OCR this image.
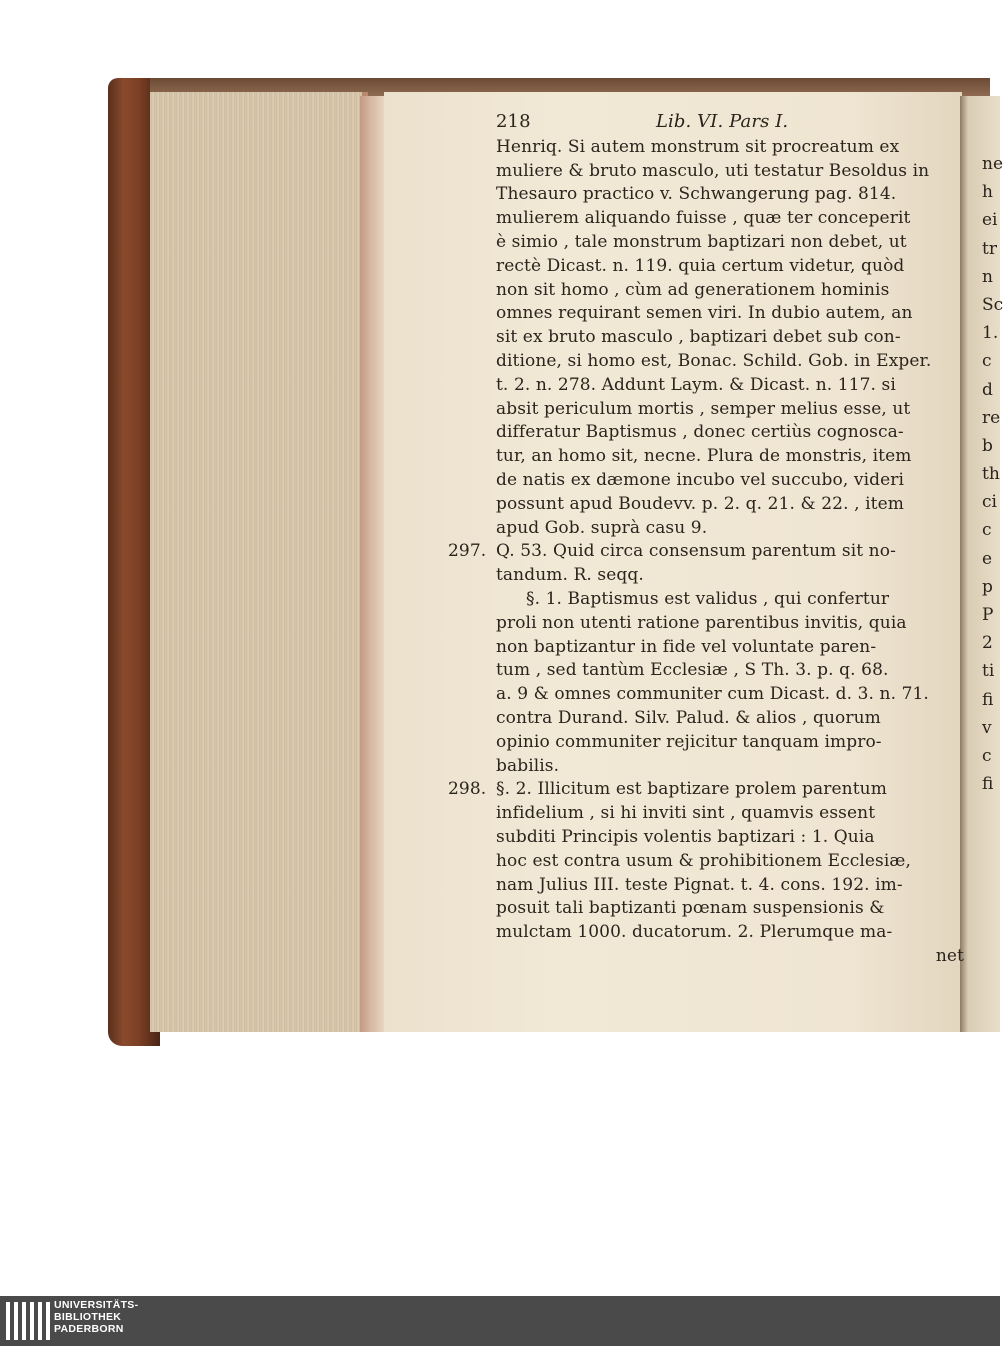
218	Lib. VI. Pars I.
Henriq. Si autem monstrum sit procreatum ex
muliere & bruto masculo, uti testatur Besoldus in
Thesauro practico v. Schwangerung pag. 814.
mulierem aliquando fuisse , quæ ter conceperit
è simio , tale monstrum baptizari non debet, ut
rectè Dicast. n. 119. quia certum videtur, quòd
non sit homo , cùm ad generationem hominis
omnes requirant semen viri. In dubio autem, an
sit ex bruto masculo , baptizari debet sub con-
ditione, si homo est, Bonac. Schild. Gob. in Exper.
t. 2. n. 278. Addunt Laym. & Dicast. n. 117. si
absit periculum mortis , semper melius esse, ut
differatur Baptismus , donec certiùs cognosca-
tur, an homo sit, necne. Plura de monstris, item
de natis ex dæmone incubo vel succubo, videri
possunt apud Boudevv. p. 2. q. 21. & 22. , item
apud Gob. suprà casu 9.
297. Q. 53. Quid circa consensum parentum sit no-
tandum. R. seqq.
§. 1. Baptismus est validus , qui confertur
proli non utenti ratione parentibus invitis, quia
non baptizantur in fide vel voluntate paren-
tum , sed tantùm Ecclesiæ , S Th. 3. p. q. 68.
a. 9 & omnes communiter cum Dicast. d. 3. n. 71.
contra Durand. Silv. Palud. & alios , quorum
opinio communiter rejicitur tanquam impro-
babilis.
298. §. 2. Illicitum est baptizare prolem parentum
infidelium , si hi inviti sint , quamvis essent
subditi Principis volentis baptizari : 1. Quia
hoc est contra usum & prohibitionem Ecclesiæ,
nam Julius III. teste Pignat. t. 4. cons. 192. im-
posuit tali baptizanti pœnam suspensionis &
mulctam 1000. ducatorum. 2. Plerumque ma-
net
ne
h
ei
tr
n
Sc
1.
c
d
re
b
th
ci
c
e
p
P
2
ti
fi
v
c
fi
UNIVERSITÄTS-
BIBLIOTHEK
PADERBORN
